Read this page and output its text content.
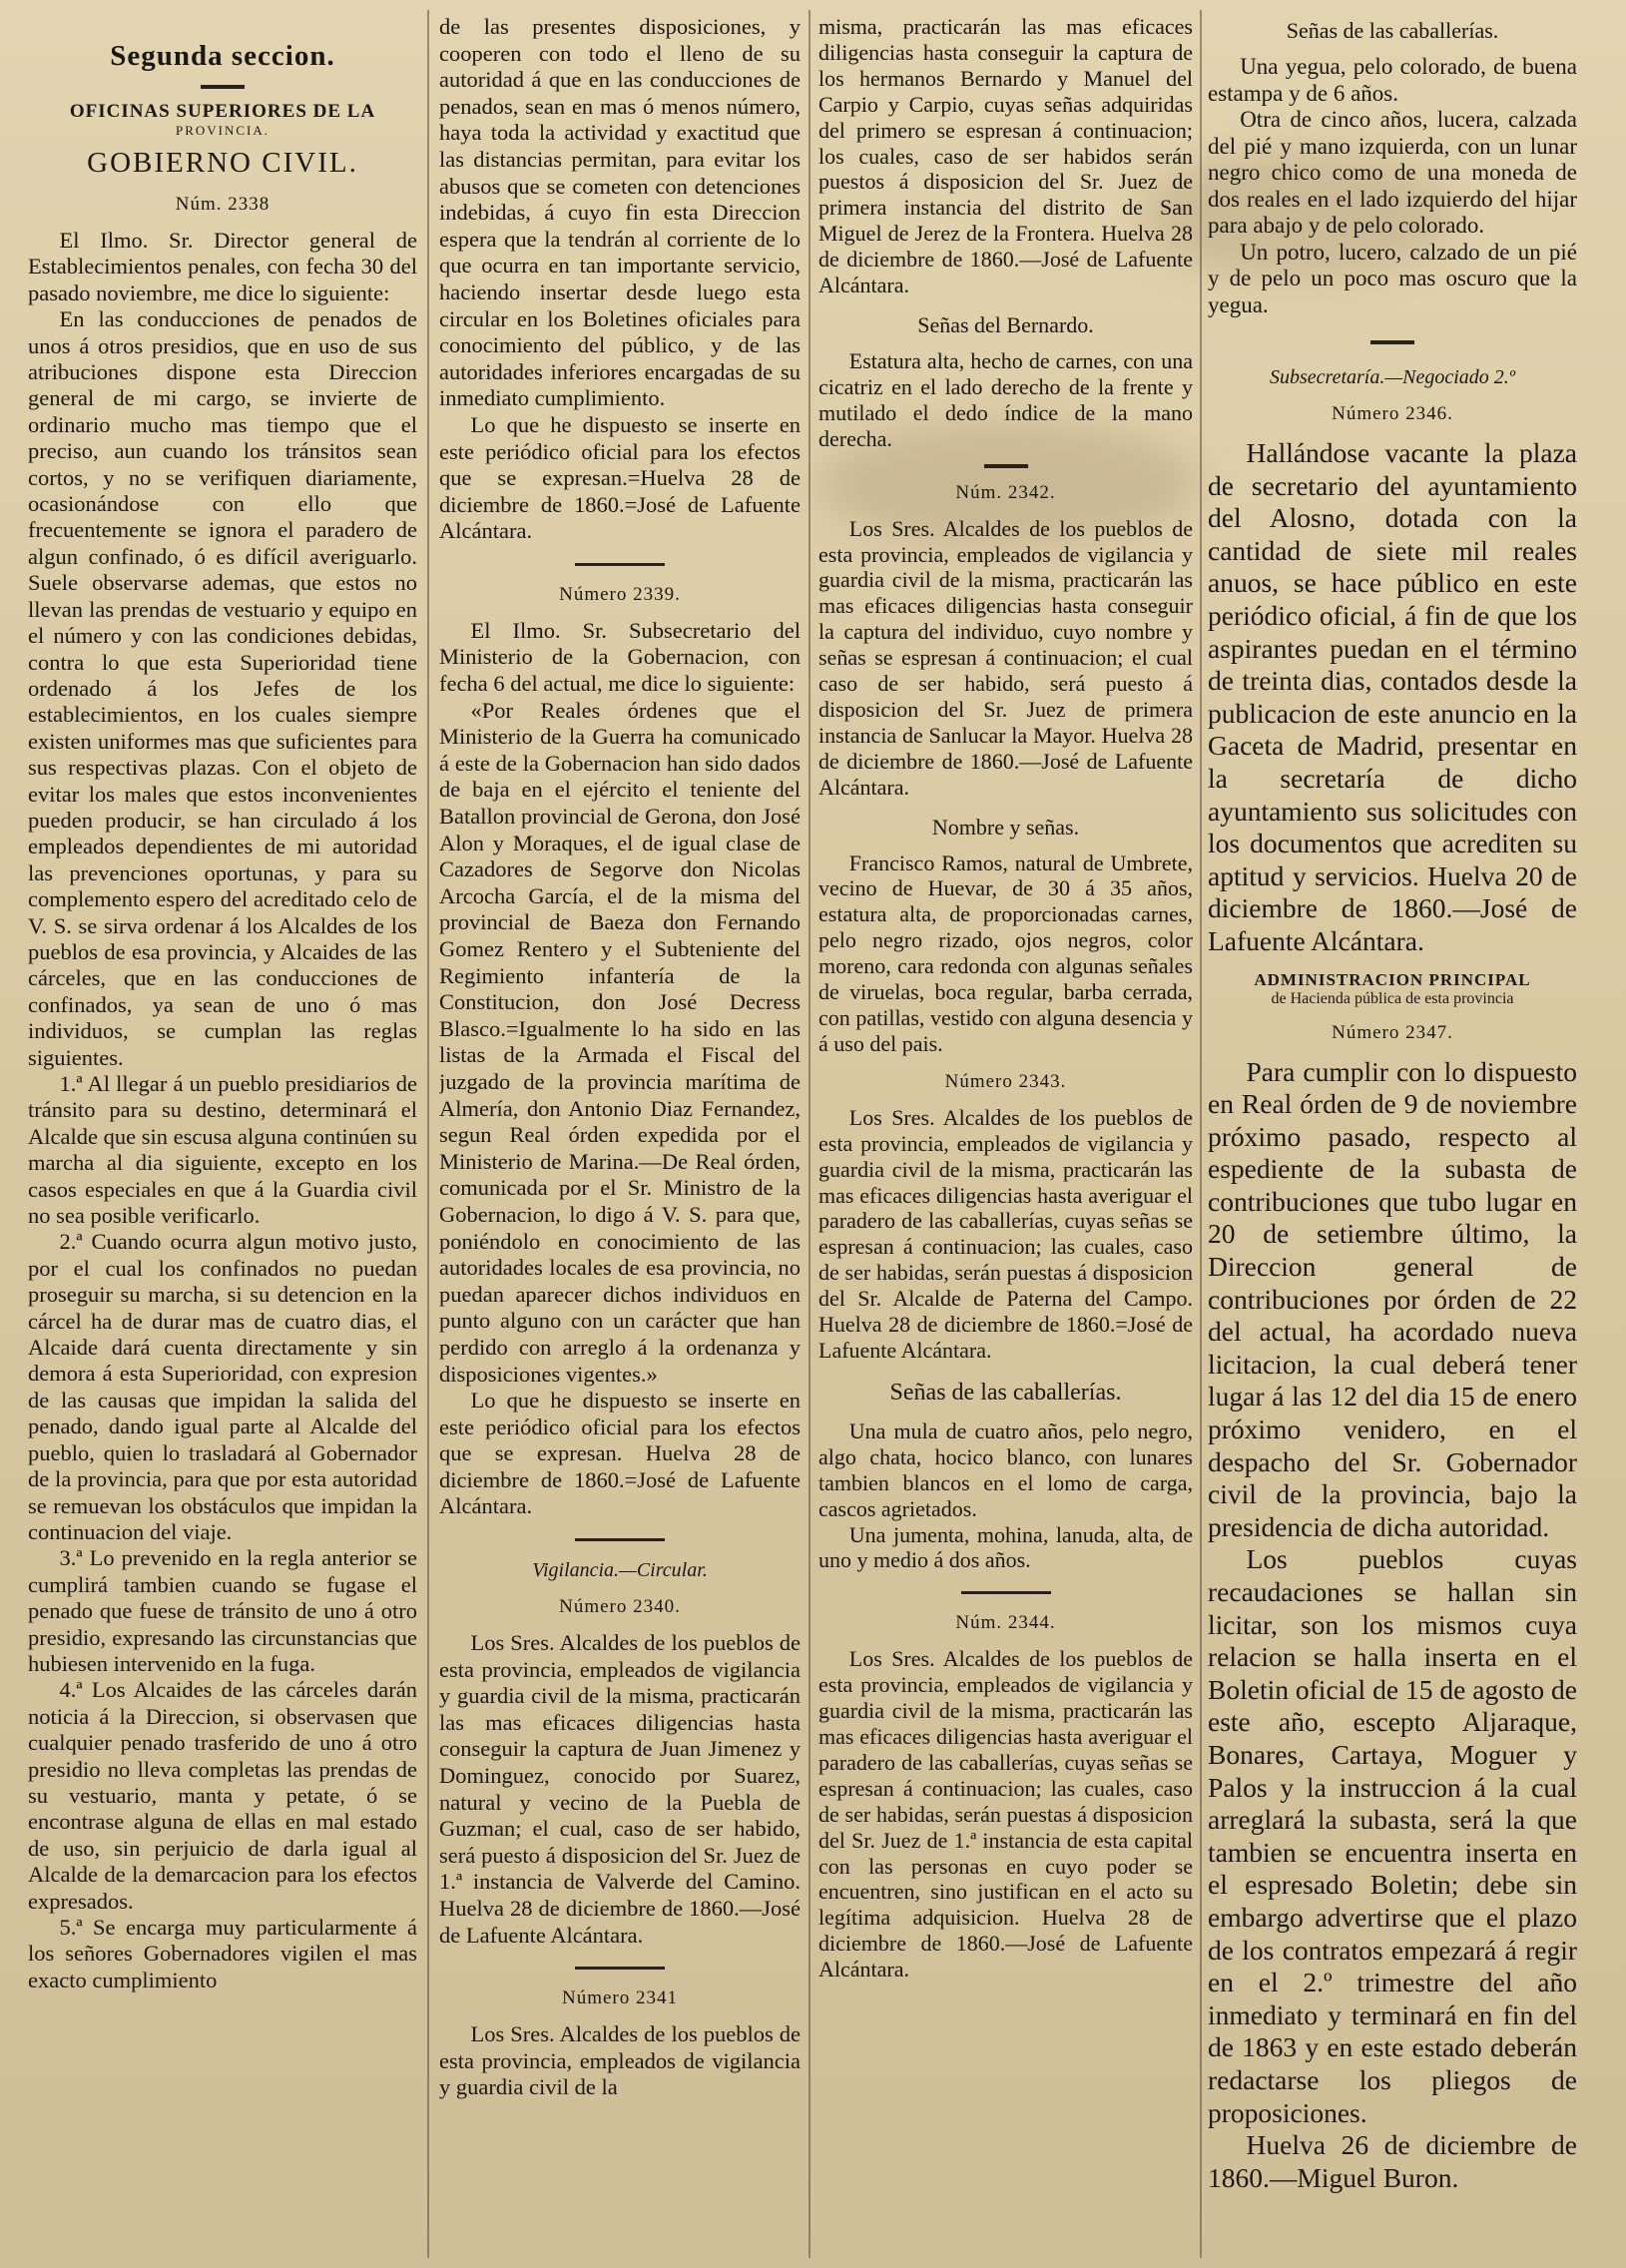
Segunda seccion.
OFICINAS SUPERIORES DE LA
PROVINCIA.
GOBIERNO CIVIL.
Núm. 2338

El Ilmo. Sr. Director general de Establecimientos penales, con fecha 30 del pasado noviembre, me dice lo siguiente:

En las conducciones de penados de unos á otros presidios, que en uso de sus atribuciones dispone esta Direccion general de mi cargo, se invierte de ordinario mucho mas tiempo que el preciso, aun cuando los tránsitos sean cortos, y no se verifiquen diariamente, ocasionándose con ello que frecuentemente se ignora el paradero de algun confinado, ó es difícil averiguarlo. Suele observarse ademas, que estos no llevan las prendas de vestuario y equipo en el número y con las condiciones debidas, contra lo que esta Superioridad tiene ordenado á los Jefes de los establecimientos, en los cuales siempre existen uniformes mas que suficientes para sus respectivas plazas. Con el objeto de evitar los males que estos inconvenientes pueden producir, se han circulado á los empleados dependientes de mi autoridad las prevenciones oportunas, y para su complemento espero del acreditado celo de V. S. se sirva ordenar á los Alcaldes de los pueblos de esa provincia, y Alcaides de las cárceles, que en las conducciones de confinados, ya sean de uno ó mas individuos, se cumplan las reglas siguientes.

1.ª Al llegar á un pueblo presidiarios de tránsito para su destino, determinará el Alcalde que sin escusa alguna continúen su marcha al dia siguiente, excepto en los casos especiales en que á la Guardia civil no sea posible verificarlo.

2.ª Cuando ocurra algun motivo justo, por el cual los confinados no puedan proseguir su marcha, si su detencion en la cárcel ha de durar mas de cuatro dias, el Alcaide dará cuenta directamente y sin demora á esta Superioridad, con expresion de las causas que impidan la salida del penado, dando igual parte al Alcalde del pueblo, quien lo trasladará al Gobernador de la provincia, para que por esta autoridad se remuevan los obstáculos que impidan la continuacion del viaje.

3.ª Lo prevenido en la regla anterior se cumplirá tambien cuando se fugase el penado que fuese de tránsito de uno á otro presidio, expresando las circunstancias que hubiesen intervenido en la fuga.

4.ª Los Alcaides de las cárceles darán noticia á la Direccion, si observasen que cualquier penado trasferido de uno á otro presidio no lleva completas las prendas de su vestuario, manta y petate, ó se encontrase alguna de ellas en mal estado de uso, sin perjuicio de darla igual al Alcalde de la demarcacion para los efectos expresados.

5.ª Se encarga muy particularmente á los señores Gobernadores vigilen el mas exacto cumplimiento

de las presentes disposiciones, y cooperen con todo el lleno de su autoridad á que en las conducciones de penados, sean en mas ó menos número, haya toda la actividad y exactitud que las distancias permitan, para evitar los abusos que se cometen con detenciones indebidas, á cuyo fin esta Direccion espera que la tendrán al corriente de lo que ocurra en tan importante servicio, haciendo insertar desde luego esta circular en los Boletines oficiales para conocimiento del público, y de las autoridades inferiores encargadas de su inmediato cumplimiento.

Lo que he dispuesto se inserte en este periódico oficial para los efectos que se expresan.=Huelva 28 de diciembre de 1860.=José de Lafuente Alcántara.

Número 2339.

El Ilmo. Sr. Subsecretario del Ministerio de la Gobernacion, con fecha 6 del actual, me dice lo siguiente:

«Por Reales órdenes que el Ministerio de la Guerra ha comunicado á este de la Gobernacion han sido dados de baja en el ejército el teniente del Batallon provincial de Gerona, don José Alon y Moraques, el de igual clase de Cazadores de Segorve don Nicolas Arcocha García, el de la misma del provincial de Baeza don Fernando Gomez Rentero y el Subteniente del Regimiento infantería de la Constitucion, don José Decress Blasco.=Igualmente lo ha sido en las listas de la Armada el Fiscal del juzgado de la provincia marítima de Almería, don Antonio Diaz Fernandez, segun Real órden expedida por el Ministerio de Marina.—De Real órden, comunicada por el Sr. Ministro de la Gobernacion, lo digo á V. S. para que, poniéndolo en conocimiento de las autoridades locales de esa provincia, no puedan aparecer dichos individuos en punto alguno con un carácter que han perdido con arreglo á la ordenanza y disposiciones vigentes.»

Lo que he dispuesto se inserte en este periódico oficial para los efectos que se expresan. Huelva 28 de diciembre de 1860.=José de Lafuente Alcántara.

Vigilancia.—Circular.
Número 2340.

Los Sres. Alcaldes de los pueblos de esta provincia, empleados de vigilancia y guardia civil de la misma, practicarán las mas eficaces diligencias hasta conseguir la captura de Juan Jimenez y Dominguez, conocido por Suarez, natural y vecino de la Puebla de Guzman; el cual, caso de ser habido, será puesto á disposicion del Sr. Juez de 1.ª instancia de Valverde del Camino. Huelva 28 de diciembre de 1860.—José de Lafuente Alcántara.

Número 2341

Los Sres. Alcaldes de los pueblos de esta provincia, empleados de vigilancia y guardia civil de la

misma, practicarán las mas eficaces diligencias hasta conseguir la captura de los hermanos Bernardo y Manuel del Carpio y Carpio, cuyas señas adquiridas del primero se espresan á continuacion; los cuales, caso de ser habidos serán puestos á disposicion del Sr. Juez de primera instancia del distrito de San Miguel de Jerez de la Frontera. Huelva 28 de diciembre de 1860.—José de Lafuente Alcántara.

Señas del Bernardo.

Estatura alta, hecho de carnes, con una cicatriz en el lado derecho de la frente y mutilado el dedo índice de la mano derecha.

Núm. 2342.

Los Sres. Alcaldes de los pueblos de esta provincia, empleados de vigilancia y guardia civil de la misma, practicarán las mas eficaces diligencias hasta conseguir la captura del individuo, cuyo nombre y señas se espresan á continuacion; el cual caso de ser habido, será puesto á disposicion del Sr. Juez de primera instancia de Sanlucar la Mayor. Huelva 28 de diciembre de 1860.—José de Lafuente Alcántara.

Nombre y señas.

Francisco Ramos, natural de Umbrete, vecino de Huevar, de 30 á 35 años, estatura alta, de proporcionadas carnes, pelo negro rizado, ojos negros, color moreno, cara redonda con algunas señales de viruelas, boca regular, barba cerrada, con patillas, vestido con alguna desencia y á uso del pais.

Número 2343.

Los Sres. Alcaldes de los pueblos de esta provincia, empleados de vigilancia y guardia civil de la misma, practicarán las mas eficaces diligencias hasta averiguar el paradero de las caballerías, cuyas señas se espresan á continuacion; las cuales, caso de ser habidas, serán puestas á disposicion del Sr. Alcalde de Paterna del Campo. Huelva 28 de diciembre de 1860.=José de Lafuente Alcántara.

Señas de las caballerías.

Una mula de cuatro años, pelo negro, algo chata, hocico blanco, con lunares tambien blancos en el lomo de carga, cascos agrietados.

Una jumenta, mohina, lanuda, alta, de uno y medio á dos años.

Núm. 2344.

Los Sres. Alcaldes de los pueblos de esta provincia, empleados de vigilancia y guardia civil de la misma, practicarán las mas eficaces diligencias hasta averiguar el paradero de las caballerías, cuyas señas se espresan á continuacion; las cuales, caso de ser habidas, serán puestas á disposicion del Sr. Juez de 1.ª instancia de esta capital con las personas en cuyo poder se encuentren, sino justifican en el acto su legítima adquisicion. Huelva 28 de diciembre de 1860.—José de Lafuente Alcántara.

Señas de las caballerías.

Una yegua, pelo colorado, de buena estampa y de 6 años.

Otra de cinco años, lucera, calzada del pié y mano izquierda, con un lunar negro chico como de una moneda de dos reales en el lado izquierdo del hijar para abajo y de pelo colorado.

Un potro, lucero, calzado de un pié y de pelo un poco mas oscuro que la yegua.

Subsecretaría.—Negociado 2.º
Número 2346.

Hallándose vacante la plaza de secretario del ayuntamiento del Alosno, dotada con la cantidad de siete mil reales anuos, se hace público en este periódico oficial, á fin de que los aspirantes puedan en el término de treinta dias, contados desde la publicacion de este anuncio en la Gaceta de Madrid, presentar en la secretaría de dicho ayuntamiento sus solicitudes con los documentos que acrediten su aptitud y servicios. Huelva 20 de diciembre de 1860.—José de Lafuente Alcántara.

ADMINISTRACION PRINCIPAL
de Hacienda pública de esta provincia
Número 2347.

Para cumplir con lo dispuesto en Real órden de 9 de noviembre próximo pasado, respecto al espediente de la subasta de contribuciones que tubo lugar en 20 de setiembre último, la Direccion general de contribuciones por órden de 22 del actual, ha acordado nueva licitacion, la cual deberá tener lugar á las 12 del dia 15 de enero próximo venidero, en el despacho del Sr. Gobernador civil de la provincia, bajo la presidencia de dicha autoridad.

Los pueblos cuyas recaudaciones se hallan sin licitar, son los mismos cuya relacion se halla inserta en el Boletin oficial de 15 de agosto de este año, escepto Aljaraque, Bonares, Cartaya, Moguer y Palos y la instruccion á la cual arreglará la subasta, será la que tambien se encuentra inserta en el espresado Boletin; debe sin embargo advertirse que el plazo de los contratos empezará á regir en el 2.º trimestre del año inmediato y terminará en fin del de 1863 y en este estado deberán redactarse los pliegos de proposiciones.

Huelva 26 de diciembre de 1860.—Miguel Buron.
